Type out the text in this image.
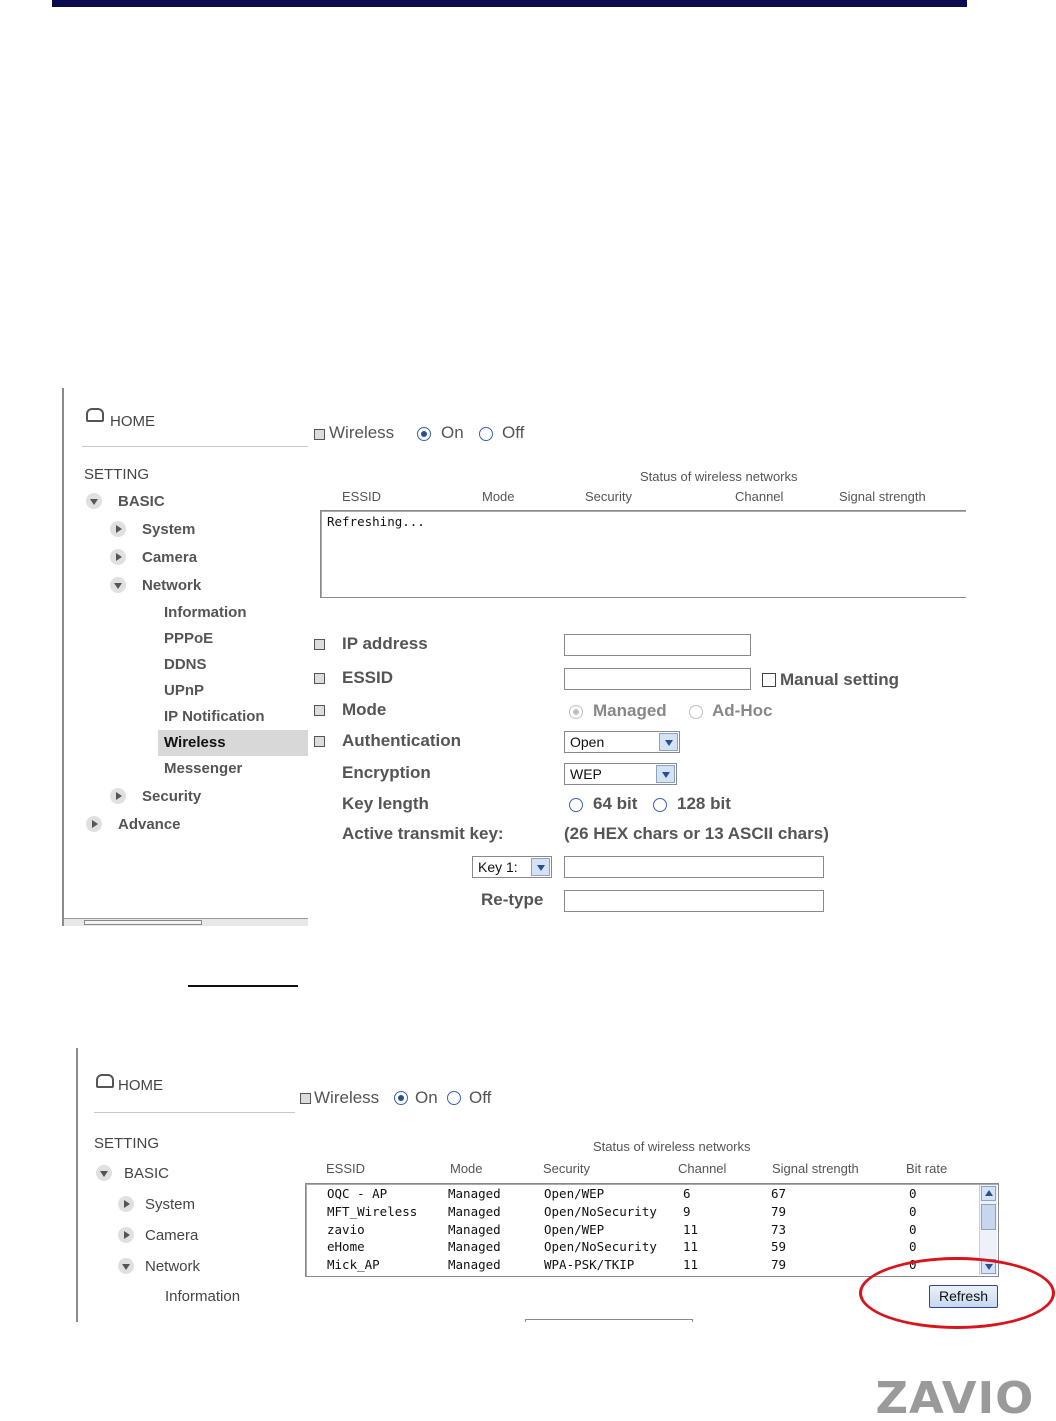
HOME
SETTING
BASIC
System
Camera
Network
Information
PPPoE
DDNS
UPnP
IP Notification
Wireless
Messenger
Security
Advance
Wireless	On Off
Status of wireless networks
ESSID	Mode	Security	Channel	Signal strength
Refreshing...
IP address
ESSID	Manual setting
Mode	Managed	Ad-Hoc
Authentication	Open
Encryption	WEP
Key length	64 bit 128 bit
Active transmit key:	(26 HEX chars or 13 ASCII chars)
Key 1:
Re-type
HOME
SETTING
BASIC
System
Camera
Network
Information
Wireless On Off
Status of wireless networks
ESSID	Mode	Security	Channel	Signal strength	Bit rate
OQC - AP	Managed	Open/WEP	6	67	0
MFT_Wireless Managed	Open/NoSecurity 9	79	0
zavio	Managed	Open/WEP	11	73	0
eHome	Managed	Open/NoSecurity 11	59	0
Mick_AP	Managed	WPA-PSK/TKIP	11	79	0
Refresh
ZAVIO
